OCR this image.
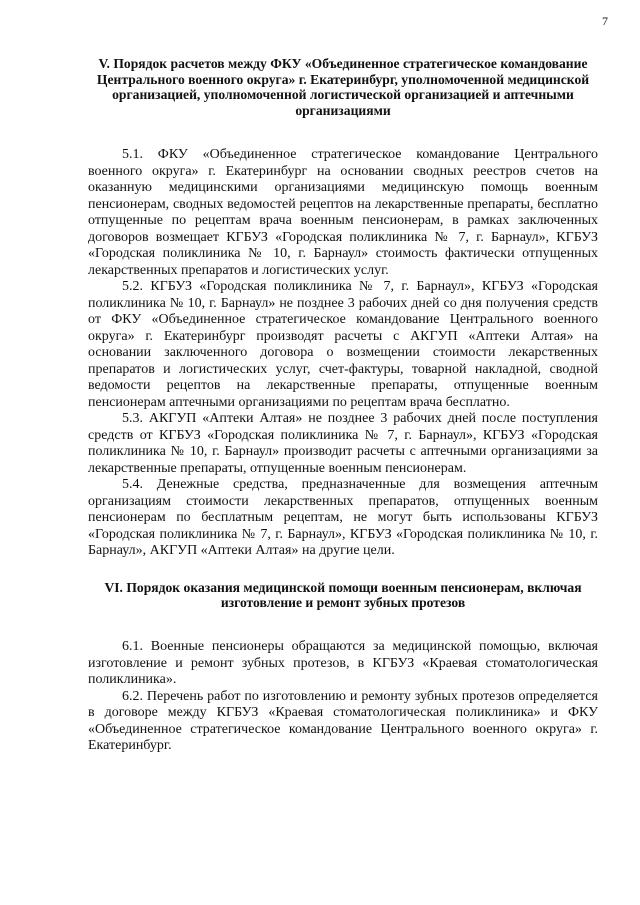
7

V. Порядок расчетов между ФКУ «Объединенное стратегическое командование Центрального военного округа» г. Екатеринбург, уполномоченной медицинской организацией, уполномоченной логистической организацией и аптечными организациями

5.1. ФКУ «Объединенное стратегическое командование Центрального военного округа» г. Екатеринбург на основании сводных реестров счетов на оказанную медицинскими организациями медицинскую помощь военным пенсионерам, сводных ведомостей рецептов на лекарственные препараты, бесплатно отпущенные по рецептам врача военным пенсионерам, в рамках заключенных договоров возмещает КГБУЗ «Городская поликлиника № 7, г. Барнаул», КГБУЗ «Городская поликлиника № 10, г. Барнаул» стоимость фактически отпущенных лекарственных препаратов и логистических услуг.

5.2. КГБУЗ «Городская поликлиника № 7, г. Барнаул», КГБУЗ «Городская поликлиника № 10, г. Барнаул» не позднее 3 рабочих дней со дня получения средств от ФКУ «Объединенное стратегическое командование Центрального военного округа» г. Екатеринбург производят расчеты с АКГУП «Аптеки Алтая» на основании заключенного договора о возмещении стоимости лекарственных препаратов и логистических услуг, счет-фактуры, товарной накладной, сводной ведомости рецептов на лекарственные препараты, отпущенные военным пенсионерам аптечными организациями по рецептам врача бесплатно.

5.3. АКГУП «Аптеки Алтая» не позднее 3 рабочих дней после поступления средств от КГБУЗ «Городская поликлиника № 7, г. Барнаул», КГБУЗ «Городская поликлиника № 10, г. Барнаул» производит расчеты с аптечными организациями за лекарственные препараты, отпущенные военным пенсионерам.

5.4. Денежные средства, предназначенные для возмещения аптечным организациям стоимости лекарственных препаратов, отпущенных военным пенсионерам по бесплатным рецептам, не могут быть использованы КГБУЗ «Городская поликлиника № 7, г. Барнаул», КГБУЗ «Городская поликлиника № 10, г. Барнаул», АКГУП «Аптеки Алтая» на другие цели.

VI. Порядок оказания медицинской помощи военным пенсионерам, включая изготовление и ремонт зубных протезов

6.1. Военные пенсионеры обращаются за медицинской помощью, включая изготовление и ремонт зубных протезов, в КГБУЗ «Краевая стоматологическая поликлиника».

6.2. Перечень работ по изготовлению и ремонту зубных протезов определяется в договоре между КГБУЗ «Краевая стоматологическая поликлиника» и ФКУ «Объединенное стратегическое командование Центрального военного округа» г. Екатеринбург.
